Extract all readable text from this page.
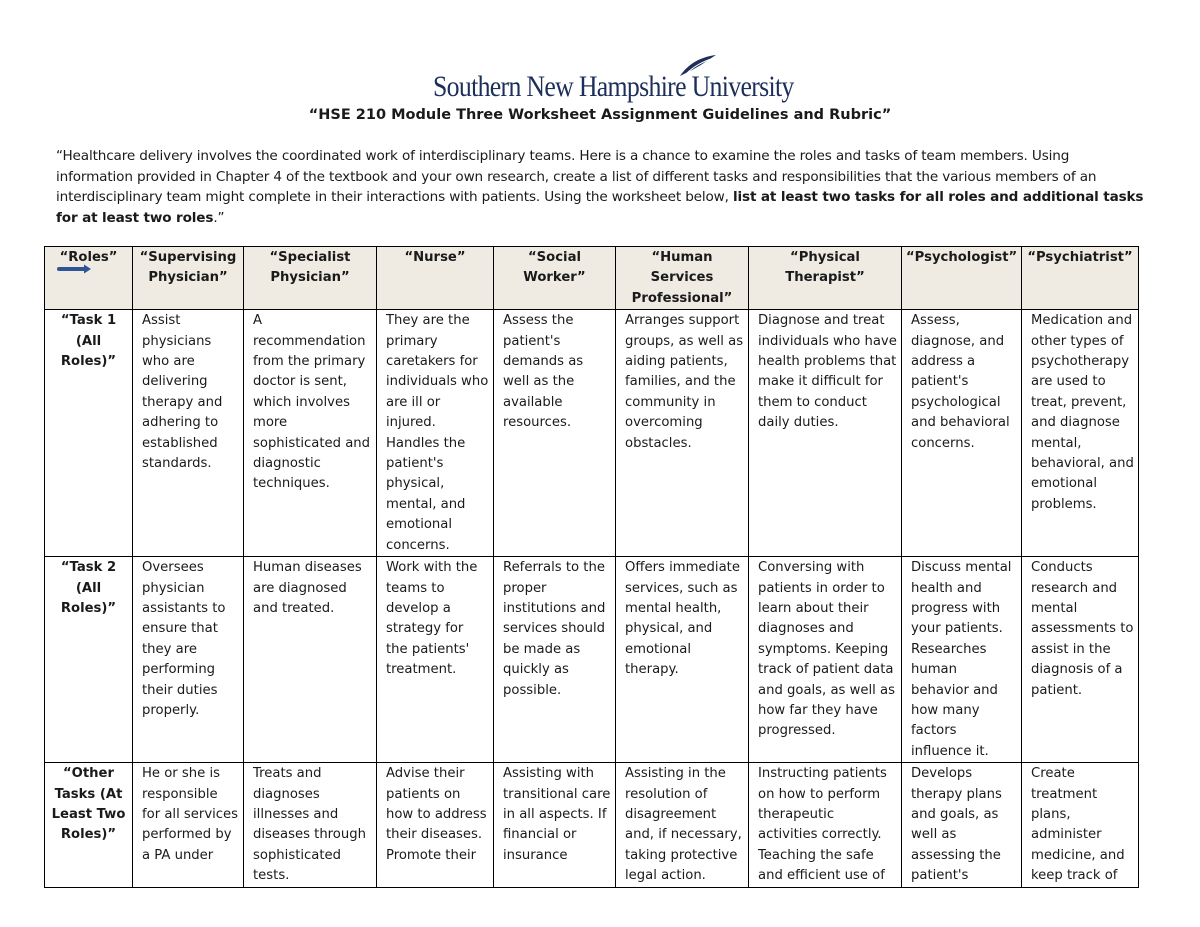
Southern New Hampshire University
“HSE 210 Module Three Worksheet Assignment Guidelines and Rubric”
“Healthcare delivery involves the coordinated work of interdisciplinary teams. Here is a chance to examine the roles and tasks of team members. Using information provided in Chapter 4 of the textbook and your own research, create a list of different tasks and responsibilities that the various members of an interdisciplinary team might complete in their interactions with patients. Using the worksheet below, list at least two tasks for all roles and additional tasks for at least two roles.”
“Roles”	“Supervising Physician”	“Specialist Physician”	“Nurse”	“Social Worker”	“Human Services Professional”	“Physical Therapist”	“Psychologist”	“Psychiatrist”
“Task 1 (All Roles)”	Assist physicians who are delivering therapy and adhering to established standards.	A recommendation from the primary doctor is sent, which involves more sophisticated and diagnostic techniques.	They are the primary caretakers for individuals who are ill or injured. Handles the patient's physical, mental, and emotional concerns.	Assess the patient's demands as well as the available resources.	Arranges support groups, as well as aiding patients, families, and the community in overcoming obstacles.	Diagnose and treat individuals who have health problems that make it difficult for them to conduct daily duties.	Assess, diagnose, and address a patient's psychological and behavioral concerns.	Medication and other types of psychotherapy are used to treat, prevent, and diagnose mental, behavioral, and emotional problems.
“Task 2 (All Roles)”	Oversees physician assistants to ensure that they are performing their duties properly.	Human diseases are diagnosed and treated.	Work with the teams to develop a strategy for the patients' treatment.	Referrals to the proper institutions and services should be made as quickly as possible.	Offers immediate services, such as mental health, physical, and emotional therapy.	Conversing with patients in order to learn about their diagnoses and symptoms. Keeping track of patient data and goals, as well as how far they have progressed.	Discuss mental health and progress with your patients. Researches human behavior and how many factors influence it.	Conducts research and mental assessments to assist in the diagnosis of a patient.
“Other Tasks (At Least Two Roles)”	He or she is responsible for all services performed by a PA under	Treats and diagnoses illnesses and diseases through sophisticated tests.	Advise their patients on how to address their diseases. Promote their	Assisting with transitional care in all aspects. If financial or insurance	Assisting in the resolution of disagreement and, if necessary, taking protective legal action.	Instructing patients on how to perform therapeutic activities correctly. Teaching the safe and efficient use of	Develops therapy plans and goals, as well as assessing the patient's	Create treatment plans, administer medicine, and keep track of
